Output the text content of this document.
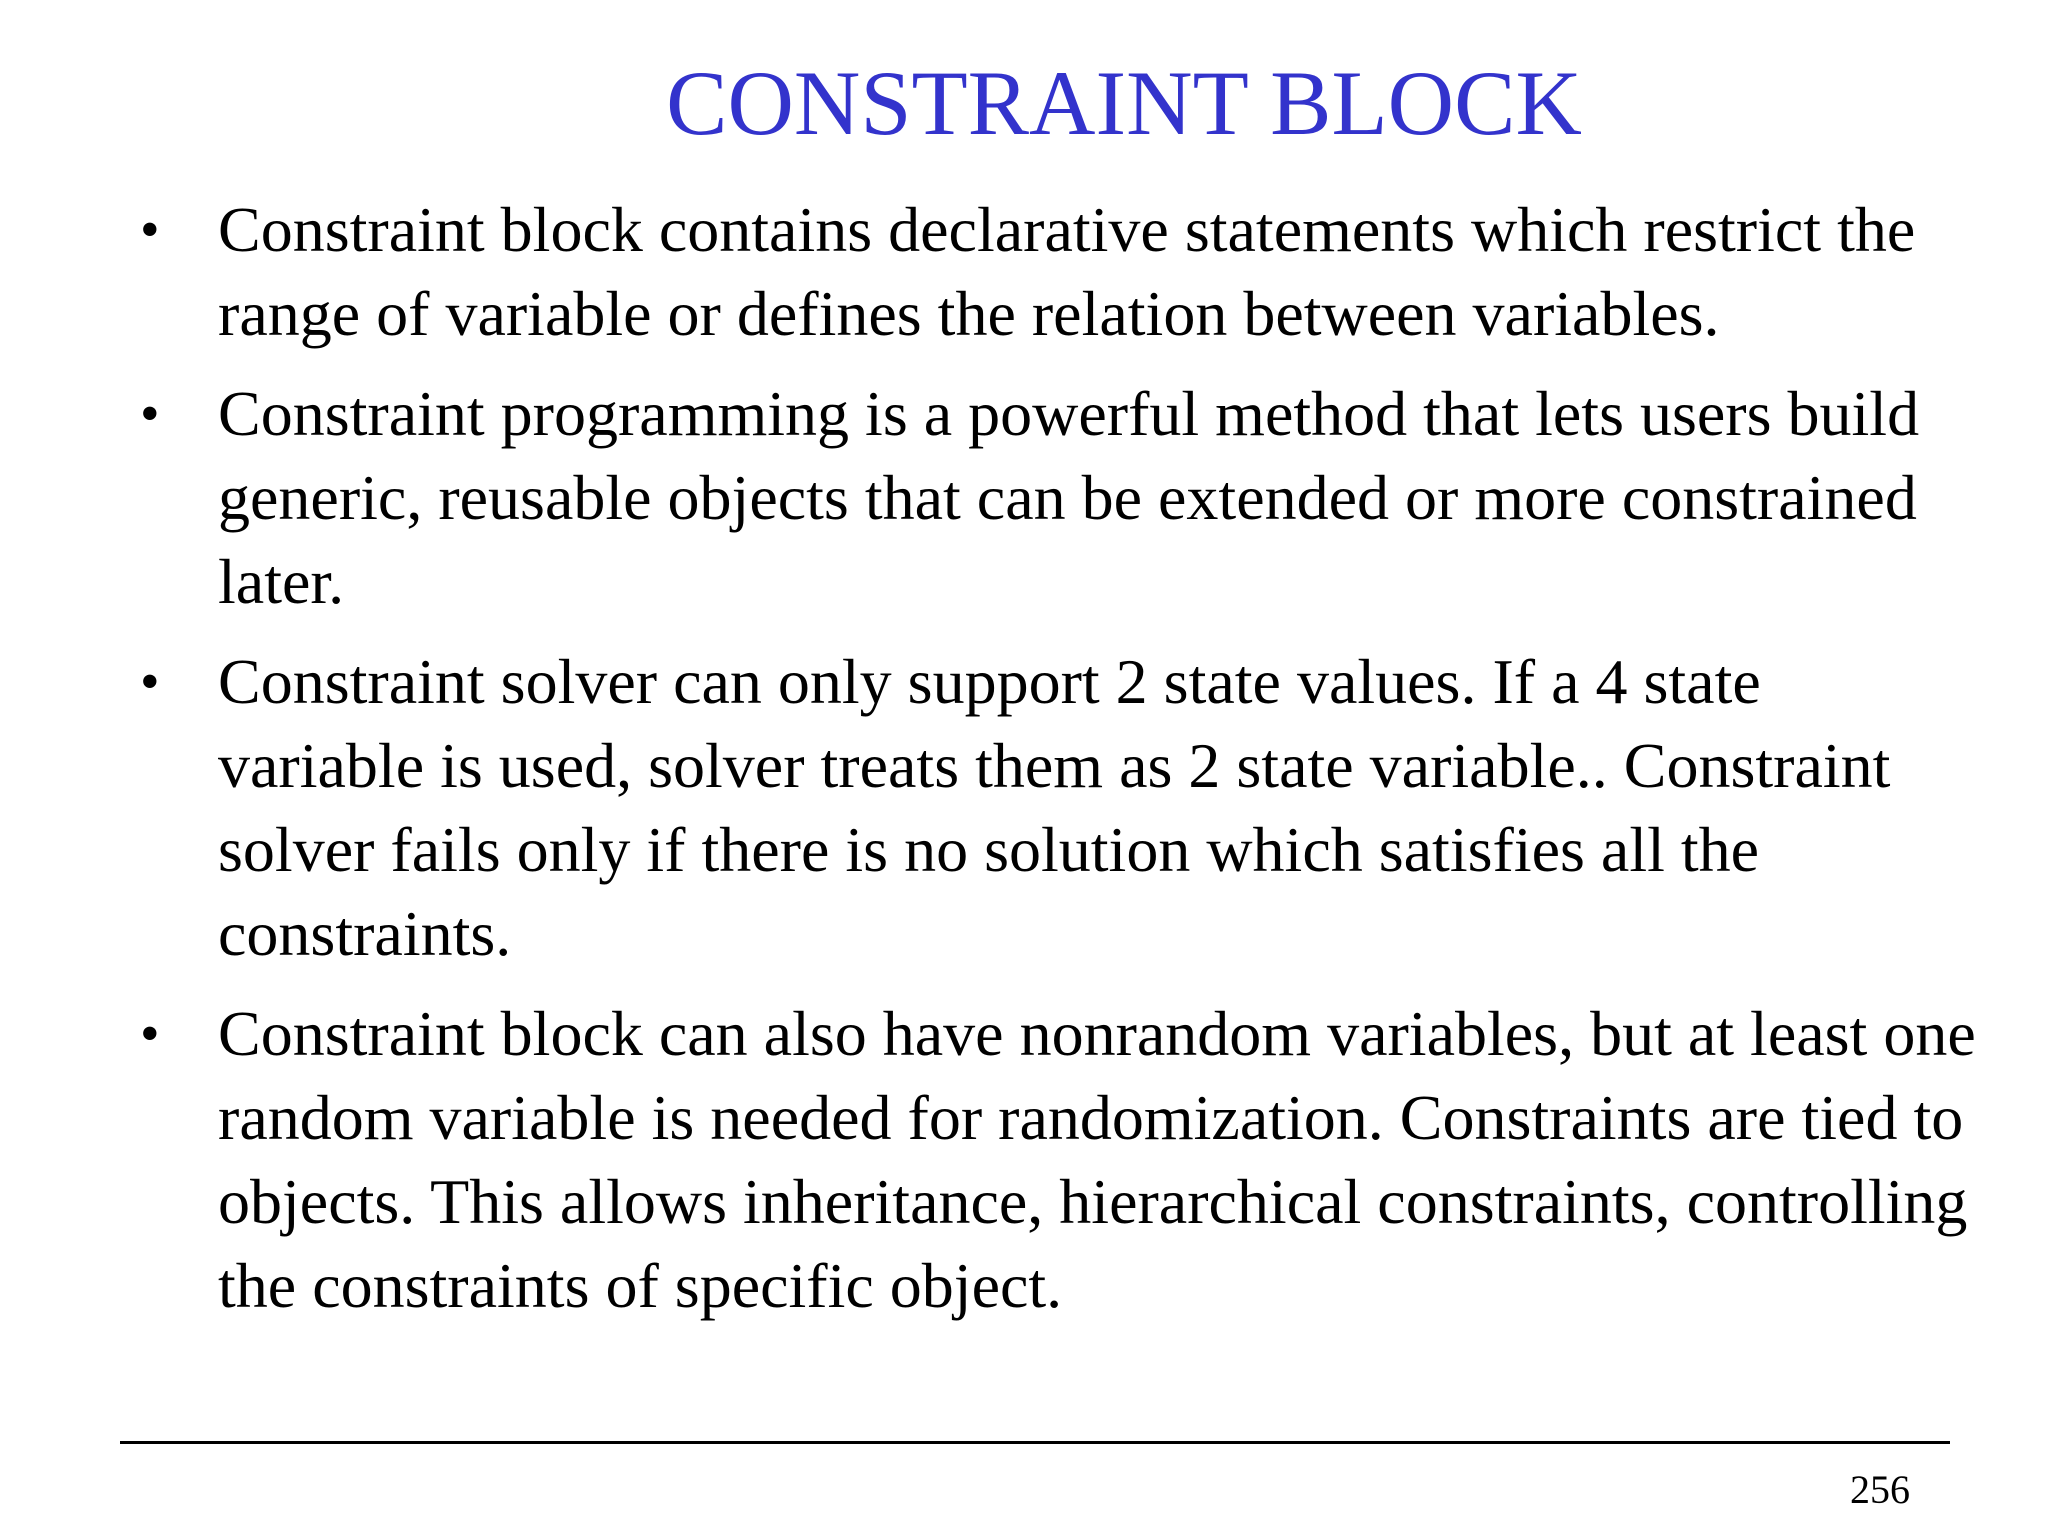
CONSTRAINT BLOCK
• Constraint block contains declarative statements which restrict the range of variable or defines the relation between variables.
• Constraint programming is a powerful method that lets users build generic, reusable objects that can be extended or more constrained later.
• Constraint solver can only support 2 state values. If a 4 state variable is used, solver treats them as 2 state variable.. Constraint solver fails only if there is no solution which satisfies all the constraints.
• Constraint block can also have nonrandom variables, but at least one random variable is needed for randomization. Constraints are tied to objects. This allows inheritance, hierarchical constraints, controlling the constraints of specific object.
256
